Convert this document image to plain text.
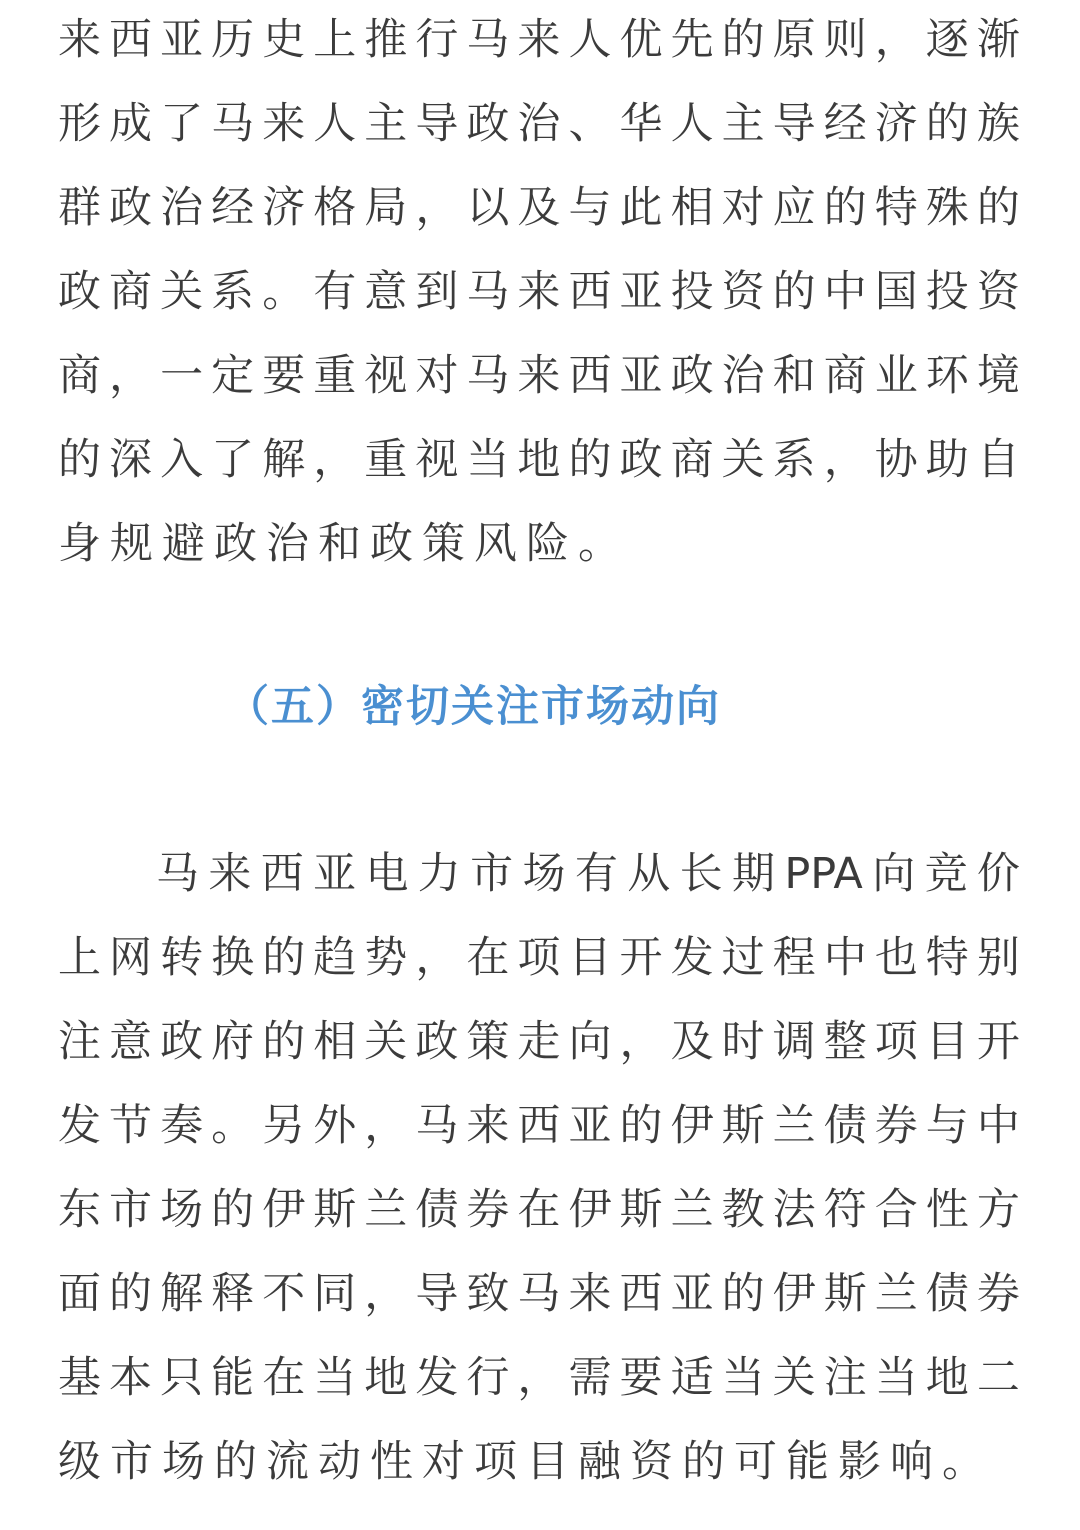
来 西 亚 历 史 上 推 行 马 来 人 优 先 的 原 则 ， 逐 渐
形 成 了 马 来 人 主 导 政 治 、 华 人 主 导 经 济 的 族
群 政 治 经 济 格 局 ， 以 及 与 此 相 对 应 的 特 殊 的
政 商 关 系 。 有 意 到 马 来 西 亚 投 资 的 中 国 投 资
商 ， 一 定 要 重 视 对 马 来 西 亚 政 治 和 商 业 环 境
的 深 入 了 解 ， 重 视 当 地 的 政 商 关 系 ， 协 助 自
身 规 避 政 治 和 政 策 风 险 。
（五）密切关注市场动向
马 来 西 亚 电 力 市 场 有 从 长 期 PPA 向 竞 价
上 网 转 换 的 趋 势 ， 在 项 目 开 发 过 程 中 也 特 别
注 意 政 府 的 相 关 政 策 走 向 ， 及 时 调 整 项 目 开
发 节 奏 。 另 外 ， 马 来 西 亚 的 伊 斯 兰 债 券 与 中
东 市 场 的 伊 斯 兰 债 券 在 伊 斯 兰 教 法 符 合 性 方
面 的 解 释 不 同 ， 导 致 马 来 西 亚 的 伊 斯 兰 债 券
基 本 只 能 在 当 地 发 行 ， 需 要 适 当 关 注 当 地 二
级 市 场 的 流 动 性 对 项 目 融 资 的 可 能 影 响 。
